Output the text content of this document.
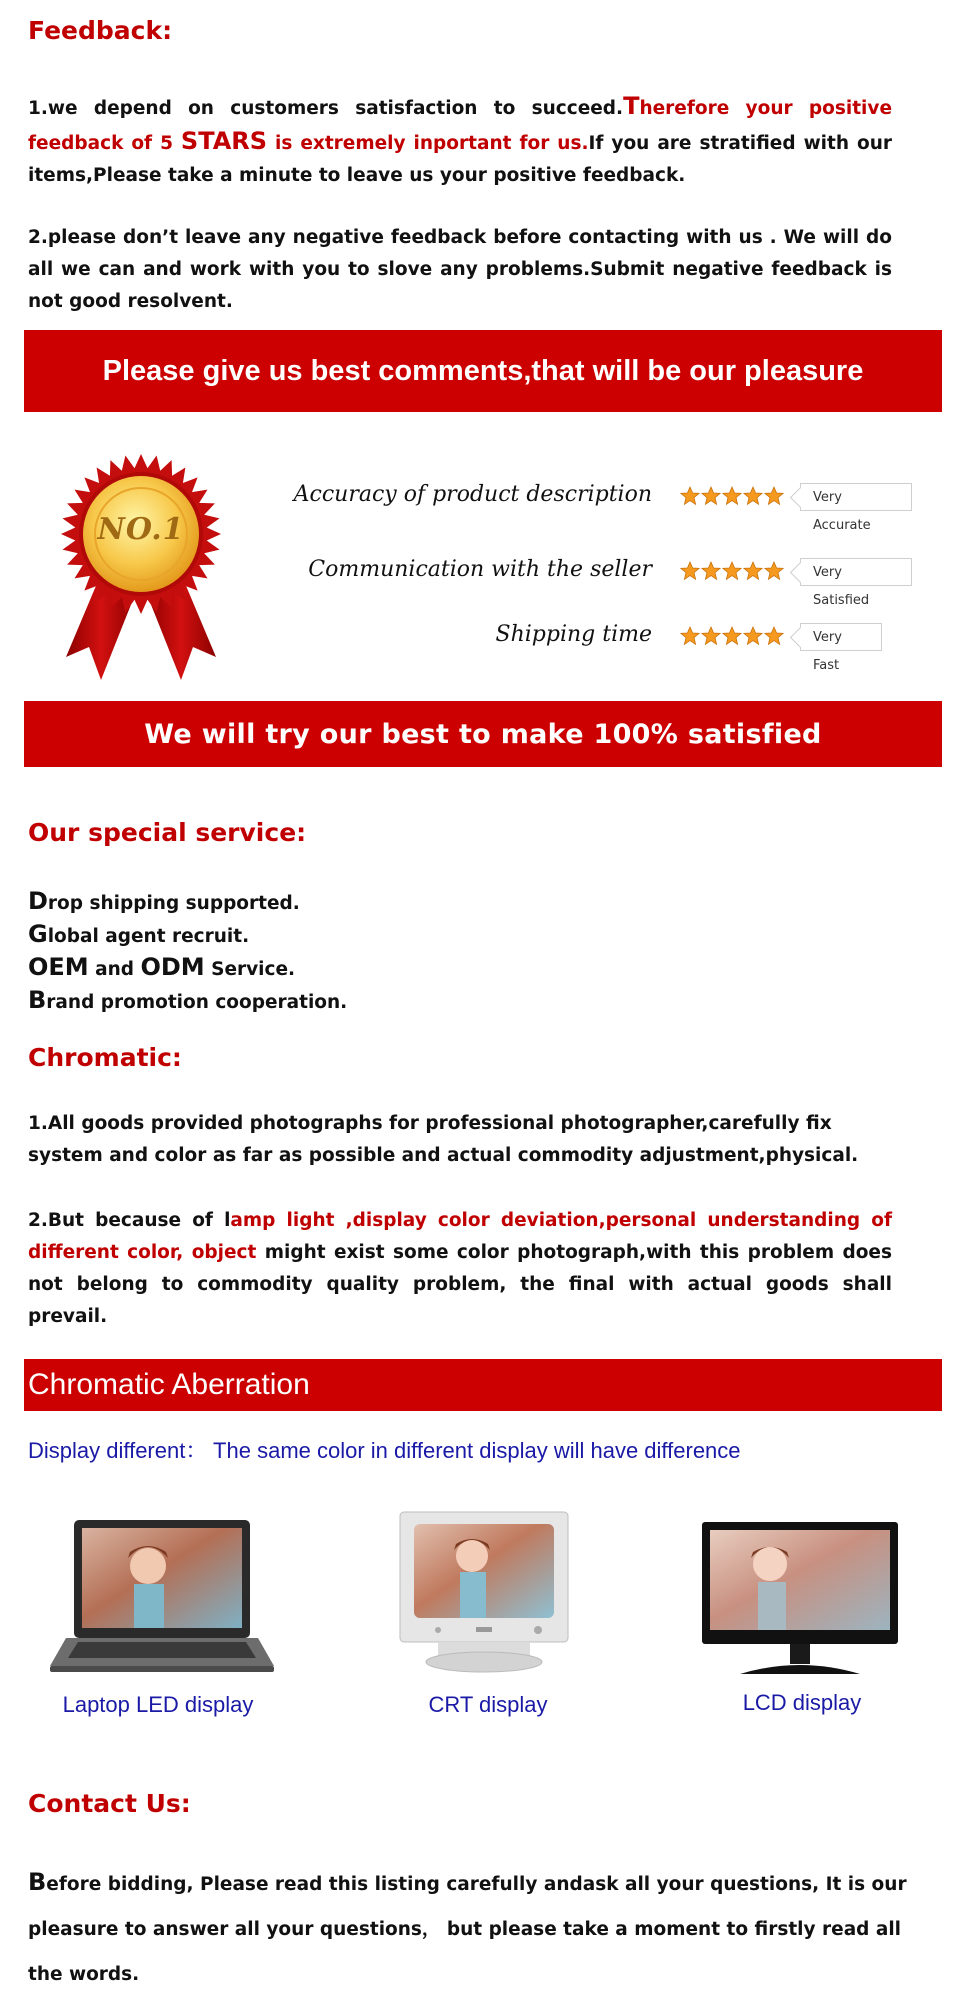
Feedback:
1.we depend on customers satisfaction to succeed.Therefore your positive feedback of 5 STARS is extremely inportant for us.If you are stratified with our items,Please take a minute to leave us your positive feedback.
2.please don’t leave any negative feedback before contacting with us . We will do all we can and work with you to slove any problems.Submit negative feedback is not good resolvent.
Please give us best comments,that will be our pleasure
NO.1
Accuracy of product description	Very Accurate
Communication with the seller	Very Satisfied
Shipping time	Very Fast
We will try our best to make 100% satisfied
Our special service:
Drop shipping supported.
Global agent recruit.
OEM and ODM Service.
Brand promotion cooperation.
Chromatic:
1.All goods provided photographs for professional photographer,carefully fix system and color as far as possible and actual commodity adjustment,physical.
2.But because of lamp light ,display color deviation,personal understanding of different color, object might exist some color photograph,with this problem does not belong to commodity quality problem, the final with actual goods shall prevail.
Chromatic Aberration
Display different： The same color in different display will have difference
Laptop LED display	CRT display	LCD display
Contact Us:
Before bidding, Please read this listing carefully andask all your questions, It is our pleasure to answer all your questions， but please take a moment to firstly read all the words.
